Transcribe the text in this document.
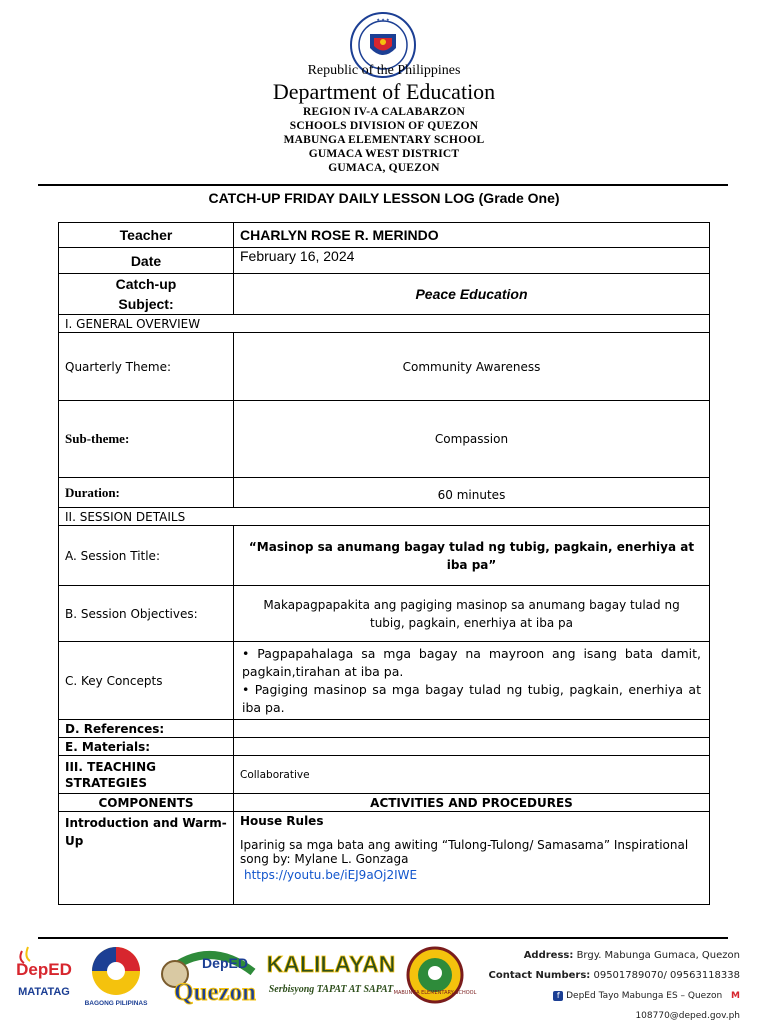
★ ★ ★
Republic of the Philippines
Department of Education
REGION IV-A CALABARZON
SCHOOLS DIVISION OF QUEZON
MABUNGA ELEMENTARY SCHOOL
GUMACA WEST DISTRICT
GUMACA, QUEZON
CATCH-UP FRIDAY DAILY LESSON LOG (Grade One)
Teacher	CHARLYN ROSE R. MERINDO
Date	February 16, 2024
Catch-up Subject:	Peace Education
I. GENERAL OVERVIEW	
Quarterly Theme:	Community Awareness
Sub-theme:	Compassion
Duration:	60 minutes
II. SESSION DETAILS	
A. Session Title:	“Masinop sa anumang bagay tulad ng tubig, pagkain, enerhiya at iba pa”
B. Session Objectives:	Makapagpapakita ang pagiging masinop sa anumang bagay tulad ng tubig, pagkain, enerhiya at iba pa
C. Key Concepts	• Pagpapahalaga sa mga bagay na mayroon ang isang bata damit, pagkain,tirahan at iba pa.

• Pagiging masinop sa mga bagay tulad ng tubig, pagkain, enerhiya at iba pa.

D. References:	
E. Materials:	
III. TEACHING STRATEGIES	Collaborative
COMPONENTS	ACTIVITIES AND PROCEDURES
Introduction and Warm-Up	House Rules
Iparinig sa mga bata ang awiting “Tulong-Tulong/ Samasama” Inspirational song by: Mylane L. Gonzaga
https://youtu.be/iEJ9aOj2IWE
DepED
MATATAG
BAGONG PILIPINAS
DepED
Quezon
KALILAYAN
Serbisyong TAPAT AT SAPAT MABUNGA ELEMENTARY SCHOOL
Address: Brgy. Mabunga Gumaca, Quezon
Contact Numbers: 09501789070/ 09563118338
f DepEd Tayo Mabunga ES – Quezon M 108770@deped.gov.ph
